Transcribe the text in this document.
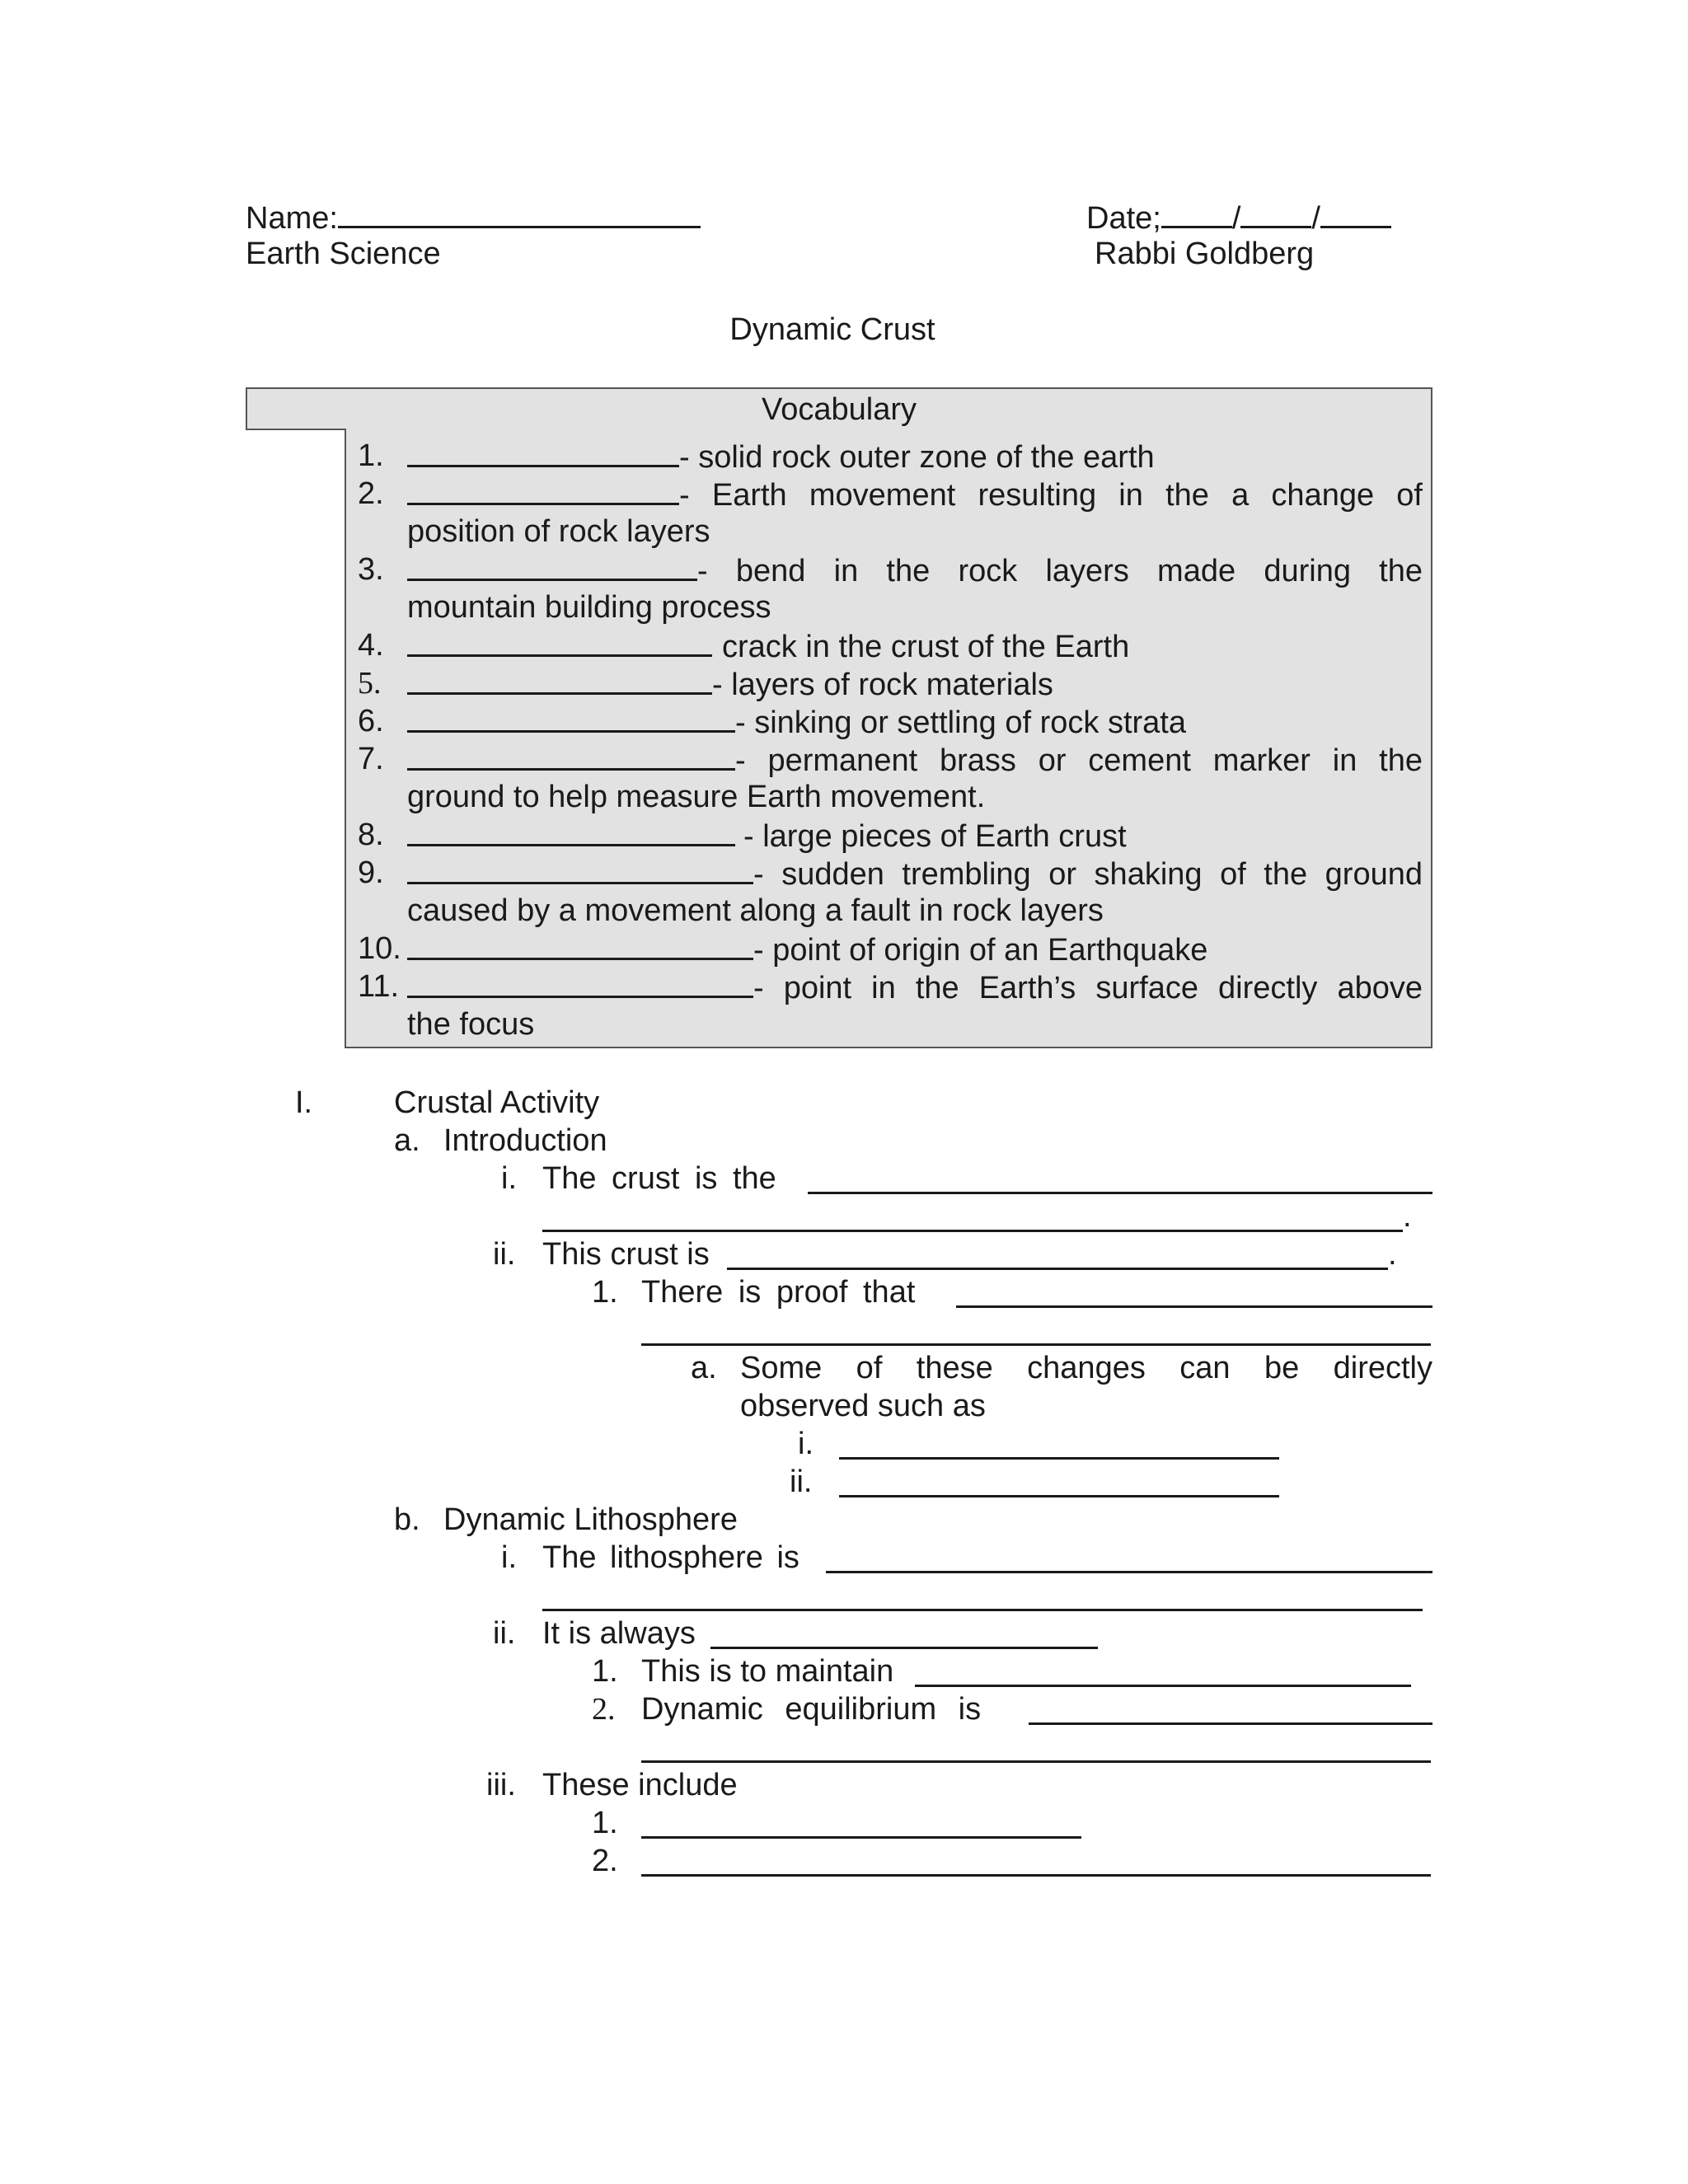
Name:	Date; / /
Earth Science	Rabbi Goldberg
Dynamic Crust
Vocabulary
1.	- solid rock outer zone of the earth
2.	- Earth movement resulting in the a change of
position of rock layers
3.	- bend in the rock layers made during the
mountain building process
4.	crack in the crust of the Earth
5.	- layers of rock materials
6.	- sinking or settling of rock strata
7.	- permanent brass or cement marker in the
ground to help measure Earth movement.
8.	- large pieces of Earth crust
9.	- sudden trembling or shaking of the ground
caused by a movement along a fault in rock layers
10.	- point of origin of an Earthquake
11.	- point in the Earth’s surface directly above
the focus
I.	Crustal Activity
a. Introduction
i. The crust is the
.
ii. This crust is	.
1. There is proof that
a. Some of these changes can be directly
observed such as
i.
ii.
b. Dynamic Lithosphere
i. The lithosphere is
ii. It is always
1. This is to maintain
2. Dynamic equilibrium is
iii. These include
1.
2.
